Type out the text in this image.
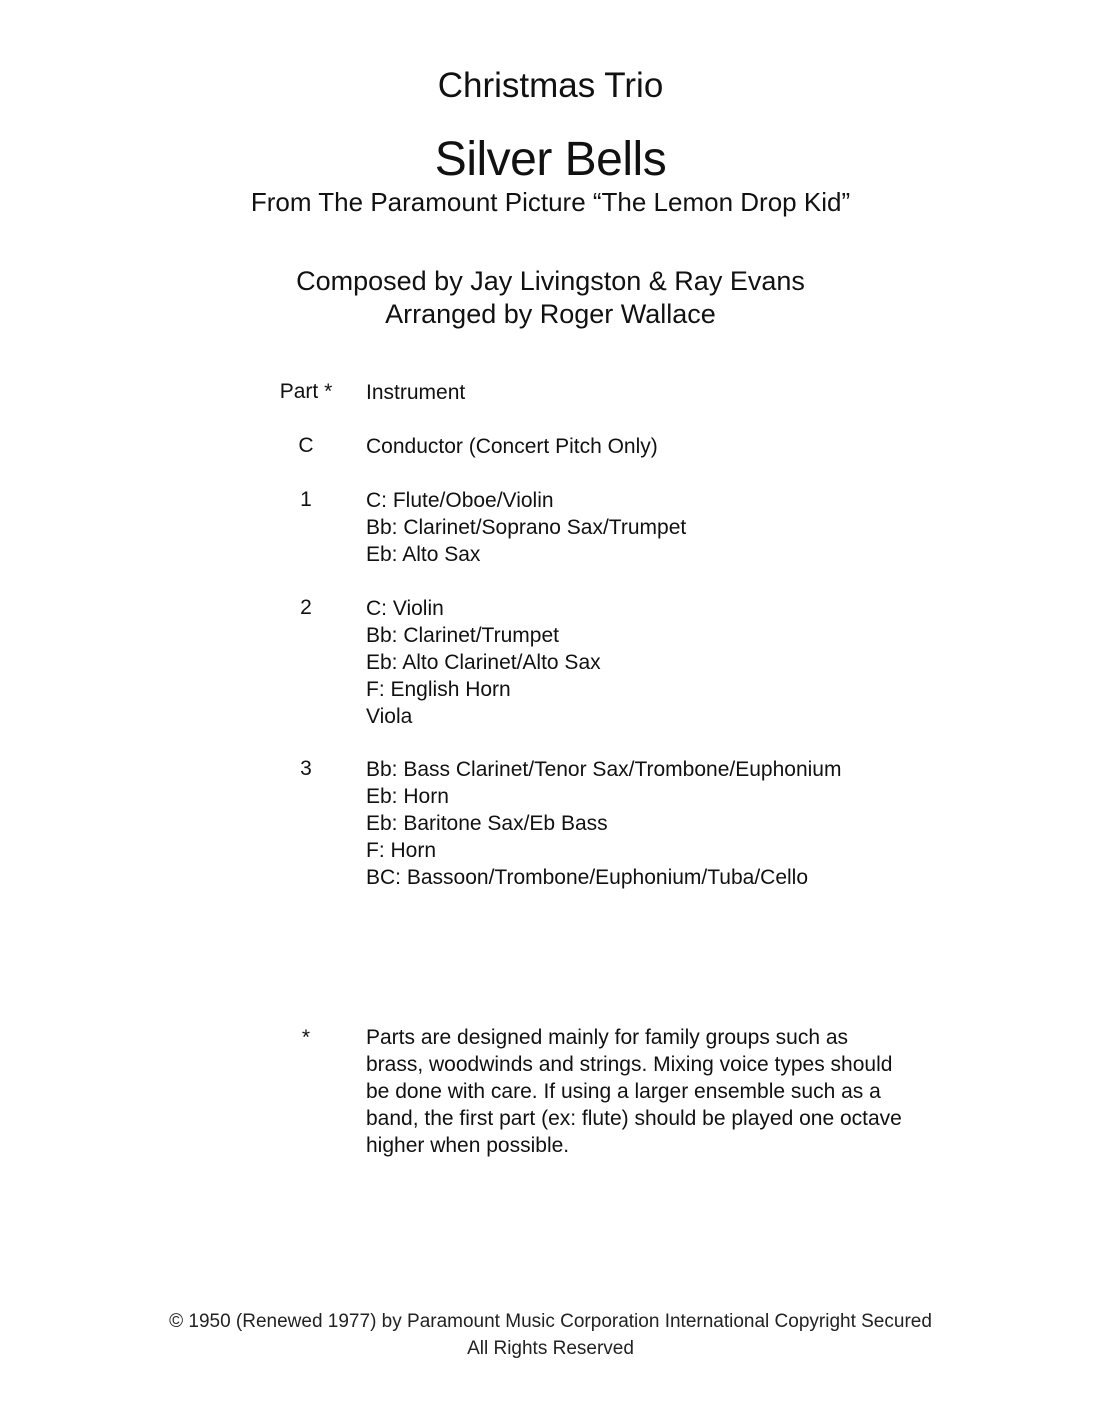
Christmas Trio
Silver Bells
From The Paramount Picture “The Lemon Drop Kid”
Composed by Jay Livingston & Ray Evans
Arranged by Roger Wallace
Part *	Instrument
C	Conductor (Concert Pitch Only)
1	C: Flute/Oboe/Violin
Bb: Clarinet/Soprano Sax/Trumpet
Eb: Alto Sax
2	C: Violin
Bb: Clarinet/Trumpet
Eb: Alto Clarinet/Alto Sax
F: English Horn
Viola
3	Bb: Bass Clarinet/Tenor Sax/Trombone/Euphonium
Eb: Horn
Eb: Baritone Sax/Eb Bass
F: Horn
BC: Bassoon/Trombone/Euphonium/Tuba/Cello
*	Parts are designed mainly for family groups such as brass, woodwinds and strings. Mixing voice types should be done with care. If using a larger ensemble such as a band, the first part (ex: flute) should be played one octave higher when possible.
© 1950 (Renewed 1977) by Paramount Music Corporation International Copyright Secured
All Rights Reserved
